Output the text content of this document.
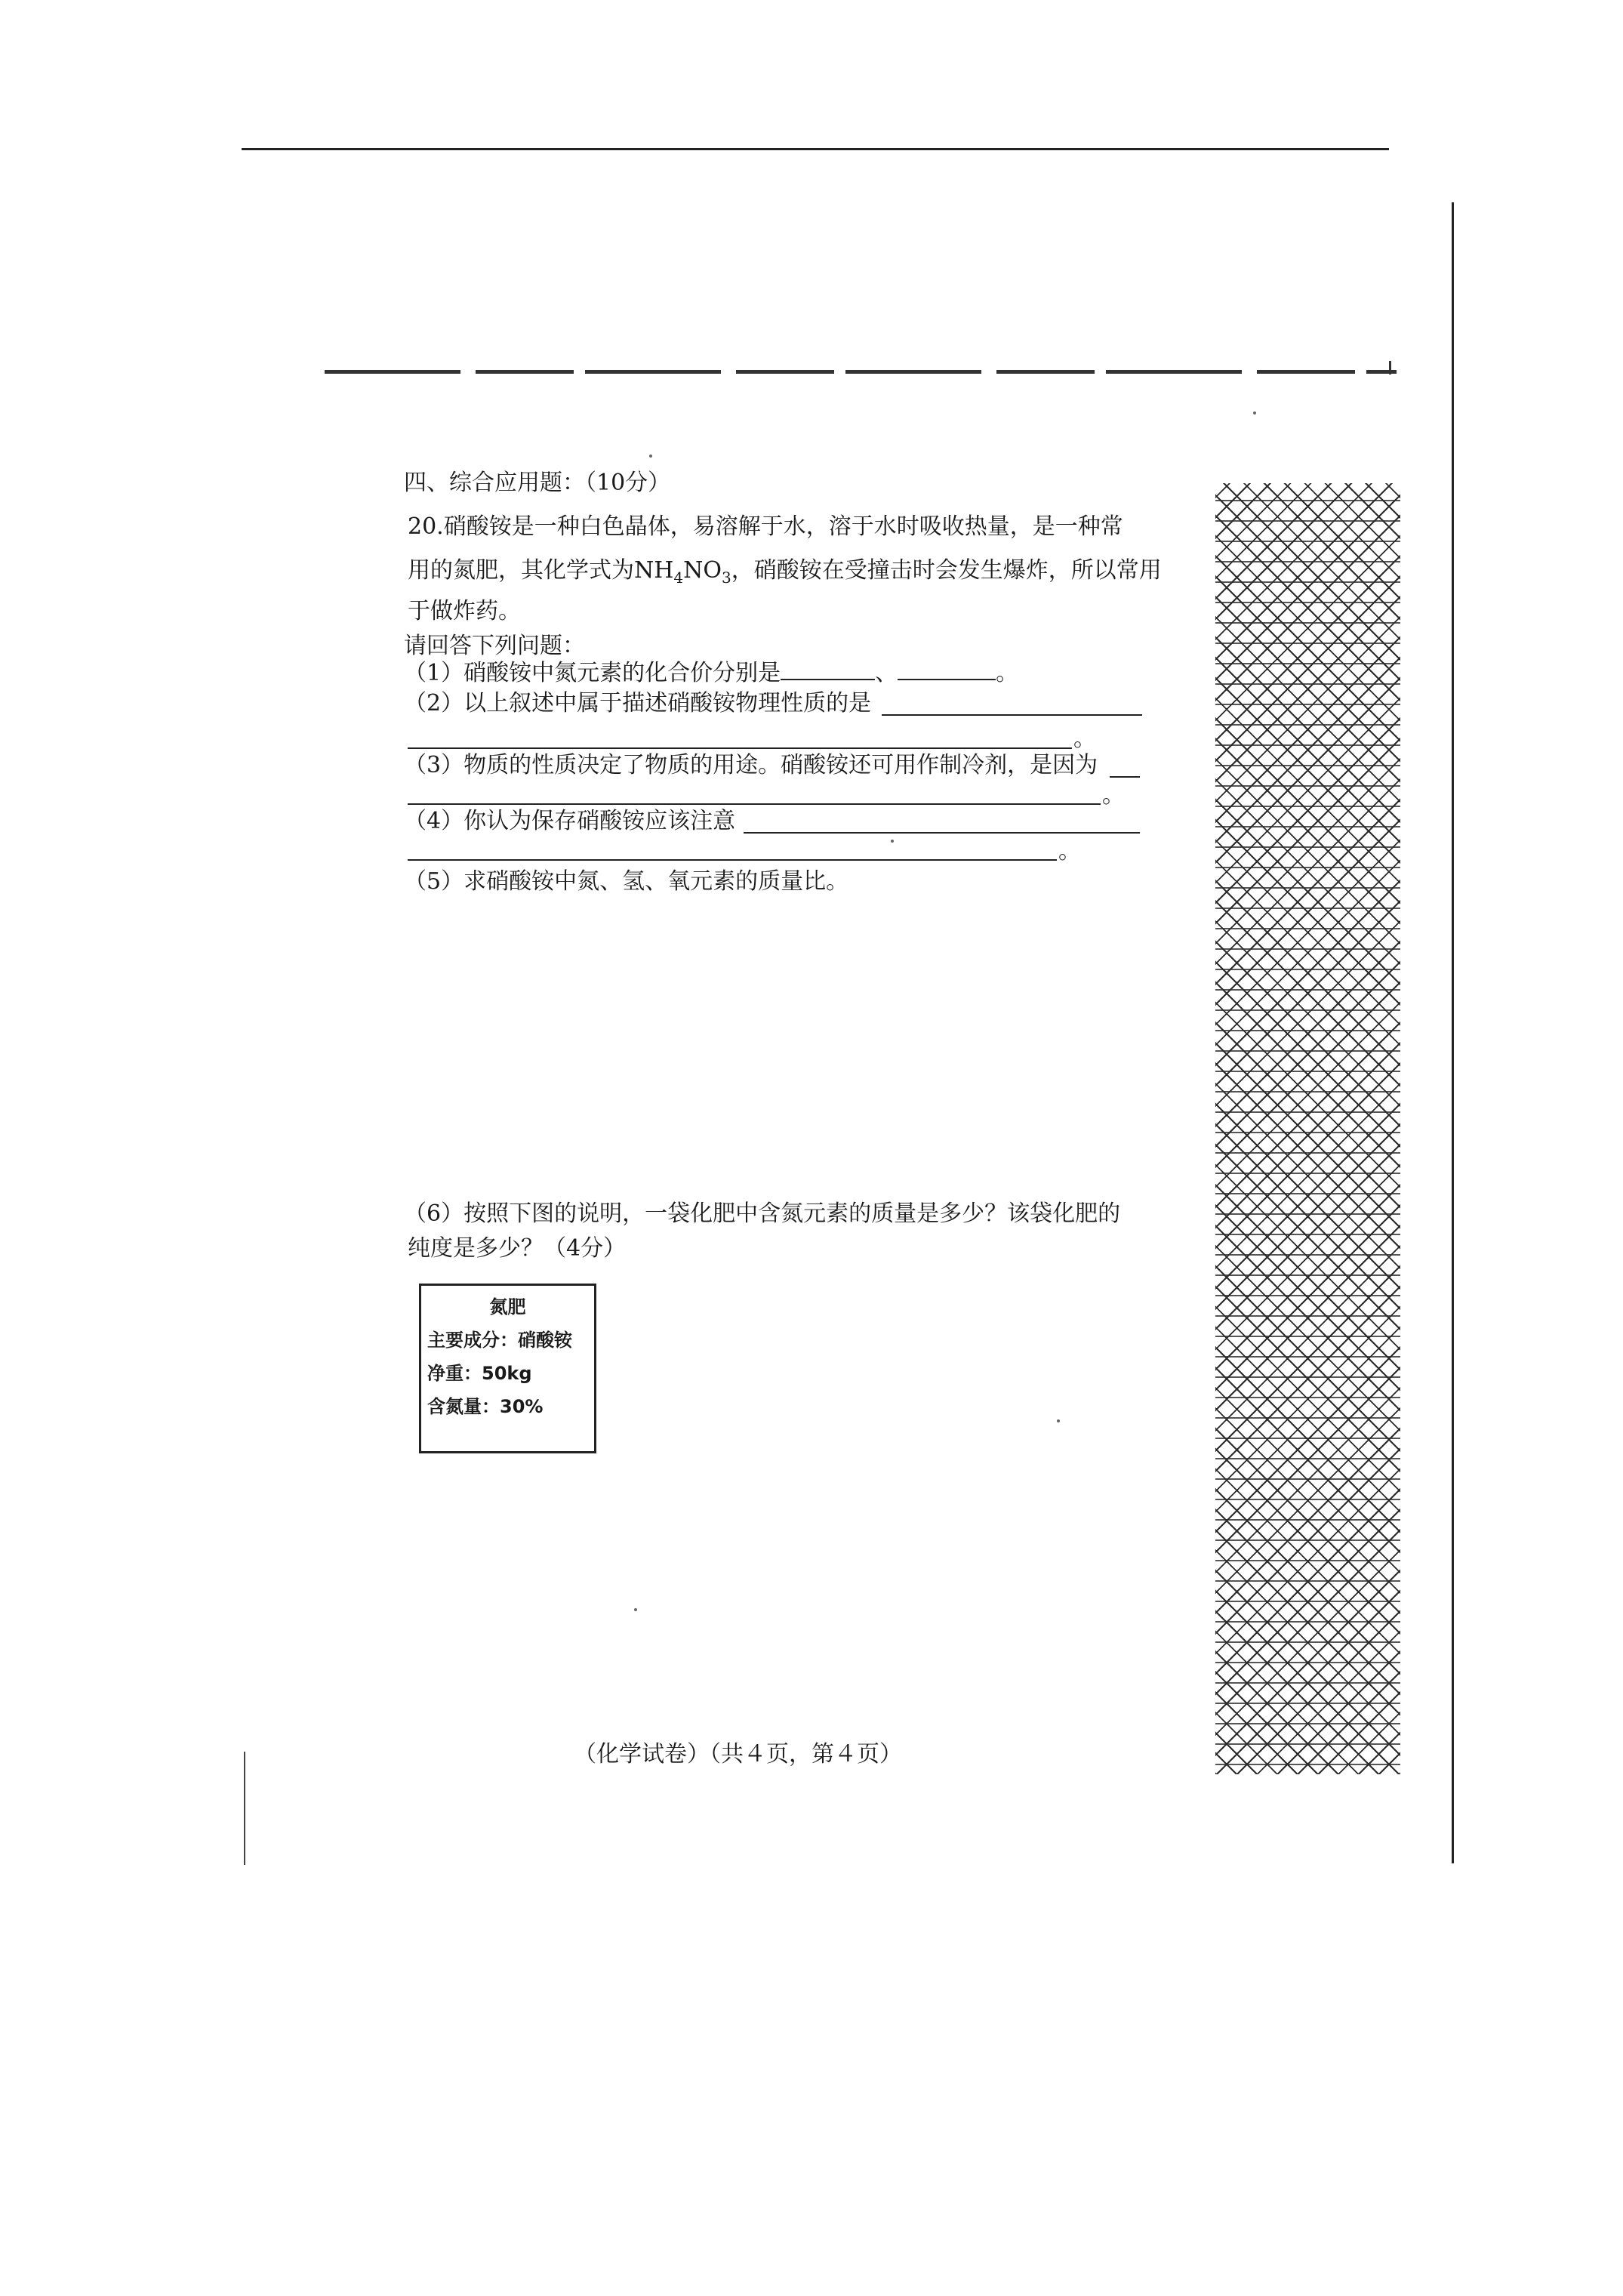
四、综合应用题：（10分）
20.硝酸铵是一种白色晶体，易溶解于水，溶于水时吸收热量，是一种常
用的氮肥，其化学式为$NH_4NO_3$，硝酸铵在受撞击时会发生爆炸，所以常用
于做炸药。
请回答下列问题：
（1）硝酸铵中氮元素的化合价分别是	、	。
（2）以上叙述中属于描述硝酸铵物理性质的是
。
（3）物质的性质决定了物质的用途。硝酸铵还可用作制冷剂，是因为
。
（4）你认为保存硝酸铵应该注意
。
（5）求硝酸铵中氮、氢、氧元素的质量比。
（6）按照下图的说明，一袋化肥中含氮元素的质量是多少？该袋化肥的
纯度是多少？（4分）
氮肥
主要成分：硝酸铵
净重：50kg
含氮量：30%
（化学试卷）（共４页，第４页）
